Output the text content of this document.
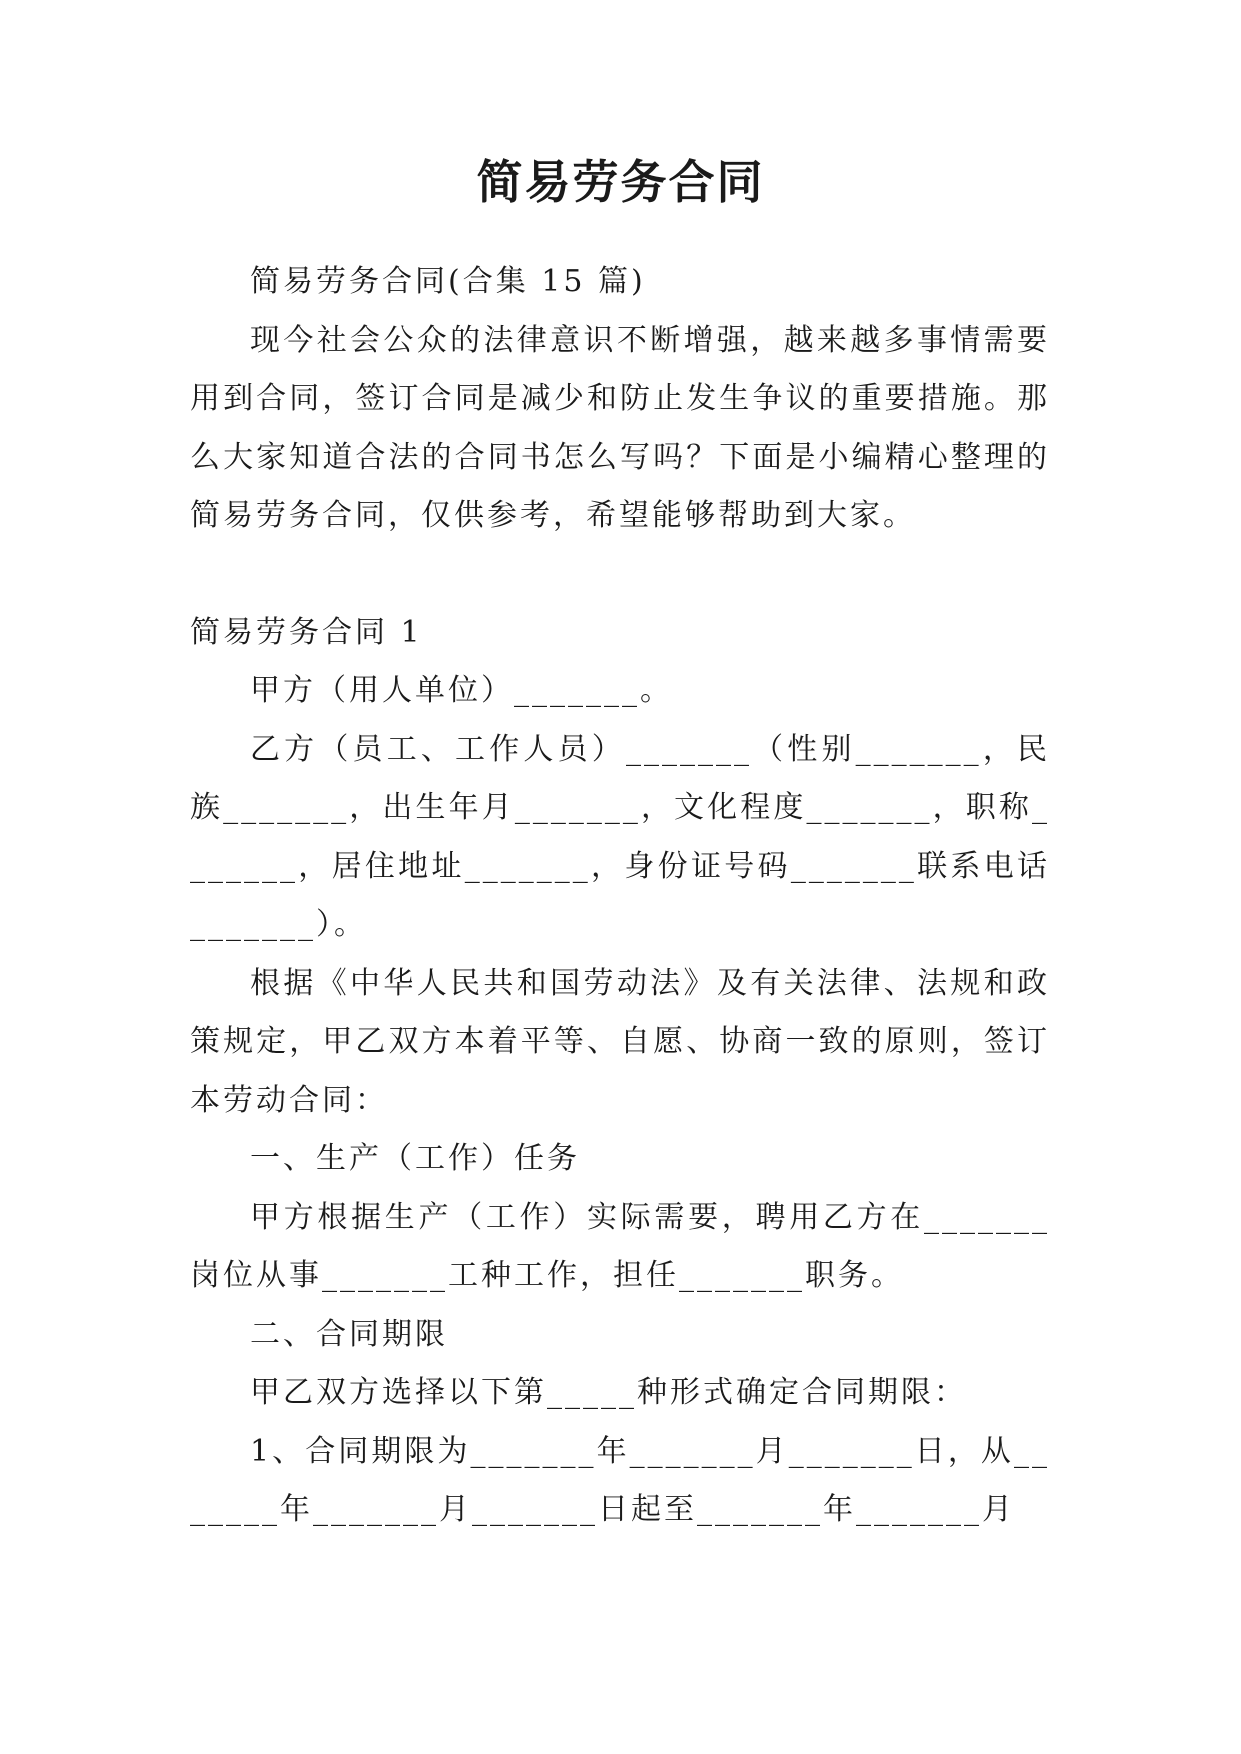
简易劳务合同

简易劳务合同(合集 15 篇)

现今社会公众的法律意识不断增强，越来越多事情需要用到合同，签订合同是减少和防止发生争议的重要措施。那么大家知道合法的合同书怎么写吗？下面是小编精心整理的简易劳务合同，仅供参考，希望能够帮助到大家。

简易劳务合同 1

甲方（用人单位）_______。

乙方（员工、工作人员）_______（性别_______，民族_______，出生年月_______，文化程度_______，职称_______，居住地址_______，身份证号码_______联系电话_______）。

根据《中华人民共和国劳动法》及有关法律、法规和政策规定，甲乙双方本着平等、自愿、协商一致的原则，签订本劳动合同：

一、生产（工作）任务

甲方根据生产（工作）实际需要，聘用乙方在_______岗位从事_______工种工作，担任_______职务。

二、合同期限

甲乙双方选择以下第_____种形式确定合同期限：

1、合同期限为_______年_______月_______日，从_______年_______月_______日起至_______年_______月
